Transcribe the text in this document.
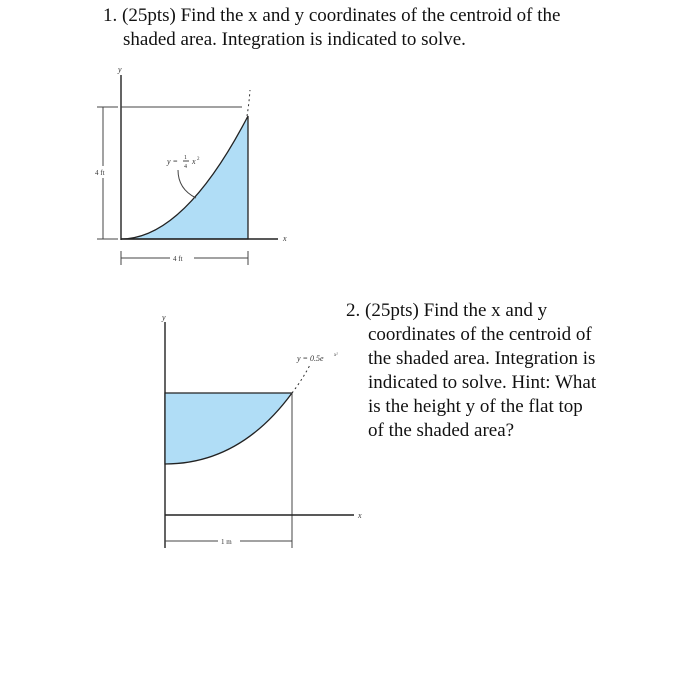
1. (25pts) Find the x and y coordinates of the centroid of the
shaded area. Integration is indicated to solve.
y
x
4 ft
4 ft
y = 1
4
x 2
2. (25pts) Find the x and y
coordinates of the centroid of
the shaded area. Integration is
indicated to solve. Hint: What
is the height y of the flat top
of the shaded area?
y
x
1 m
y = 0.5e x²
